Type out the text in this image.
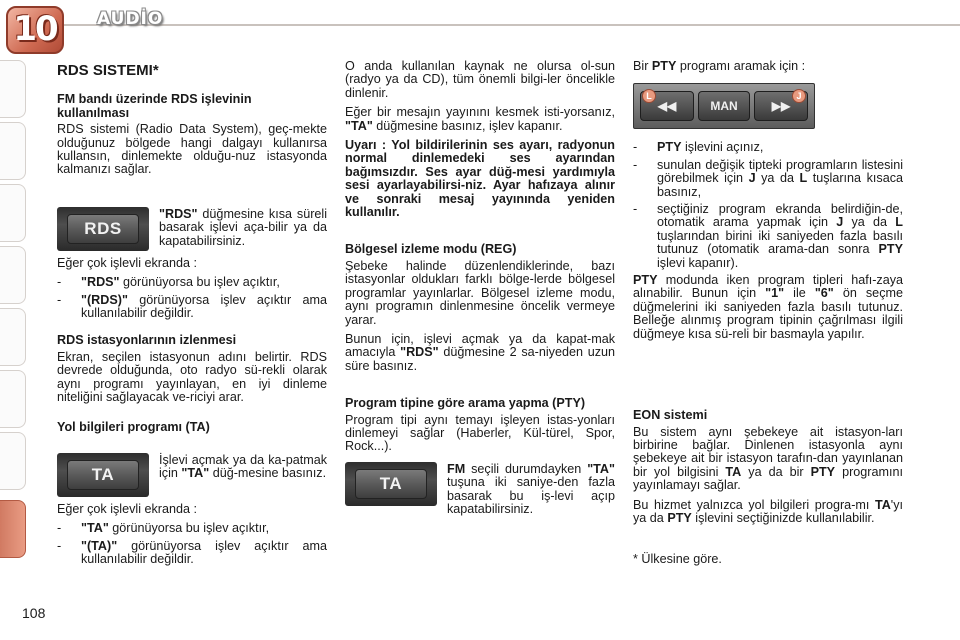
10 AUDİO
108
RDS SISTEMI*
FM bandı üzerinde RDS işlevinin kullanılması

RDS sistemi (Radio Data System), geç-mekte olduğunuz bölgede hangi dalgayı kullanırsa kullansın, dinlemekte olduğu-nuz istasyonda kalmanızı sağlar.

RDS
"RDS" düğmesine kısa süreli basarak işlevi aça-bilir ya da kapatabilirsiniz.

Eğer çok işlevli ekranda :

-	"RDS" görünüyorsa bu işlev açıktır,
-	"(RDS)" görünüyorsa işlev açıktır ama kullanılabilir değildir.
RDS istasyonlarının izlenmesi

Ekran, seçilen istasyonun adını belirtir. RDS devrede olduğunda, oto radyo sü-rekli olarak aynı programı yayınlayan, en iyi dinleme niteliğini sağlayacak ve-riciyi arar.

Yol bilgileri programı (TA)
TA
İşlevi açmak ya da ka-patmak için "TA" düğ-mesine basınız.

Eğer çok işlevli ekranda :

-	"TA" görünüyorsa bu işlev açıktır,
-	"(TA)" görünüyorsa işlev açıktır ama kullanılabilir değildir.

O anda kullanılan kaynak ne olursa ol-sun (radyo ya da CD), tüm önemli bilgi-ler öncelikle dinlenir.

Eğer bir mesajın yayınını kesmek isti-yorsanız, "TA" düğmesine basınız, işlev kapanır.

Uyarı : Yol bildirilerinin ses ayarı, radyonun normal dinlemedeki ses ayarından bağımsızdır. Ses ayar düğ-mesi yardımıyla sesi ayarlayabilirsi-niz. Ayar hafızaya alınır ve sonraki mesaj yayınında yeniden kullanılır.

Bölgesel izleme modu (REG)

Şebeke halinde düzenlendiklerinde, bazı istasyonlar oldukları farklı bölge-lerde bölgesel programlar yayınlarlar. Bölgesel izleme modu, aynı programın dinlenmesine öncelik vermeye yarar.

Bunun için, işlevi açmak ya da kapat-mak amacıyla "RDS" düğmesine 2 sa-niyeden uzun süre basınız.

Program tipine göre arama yapma (PTY)

Program tipi aynı temayı işleyen istas-yonları dinlemeyi sağlar (Haberler, Kül-türel, Spor, Rock...).

TA
FM seçili durumdayken "TA" tuşuna iki saniye-den fazla basarak bu iş-levi açıp kapatabilirsiniz.

Bir PTY programı aramak için :

L
◀◀	MAN	▶▶
J
-	PTY işlevini açınız,
-	sunulan değişik tipteki programların listesini görebilmek için J ya da L tuşlarına kısaca basınız,
-	seçtiğiniz program ekranda belirdiğin-de, otomatik arama yapmak için J ya da L tuşlarından birini iki saniyeden fazla basılı tutunuz (otomatik arama-dan sonra PTY işlevi kapanır).

PTY modunda iken program tipleri hafı-zaya alınabilir. Bunun için "1" ile "6" ön seçme düğmelerini iki saniyeden fazla basılı tutunuz. Belleğe alınmış program tipinin çağrılması ilgili düğmeye kısa sü-reli bir basmayla yapılır.

EON sistemi

Bu sistem aynı şebekeye ait istasyon-ları birbirine bağlar. Dinlenen istasyonla aynı şebekeye ait bir istasyon tarafın-dan yayınlanan bir yol bilgisini TA ya da bir PTY programını yayınlamayı sağlar.

Bu hizmet yalnızca yol bilgileri progra-mı TA'yı ya da PTY işlevini seçtiğinizde kullanılabilir.

* Ülkesine göre.
